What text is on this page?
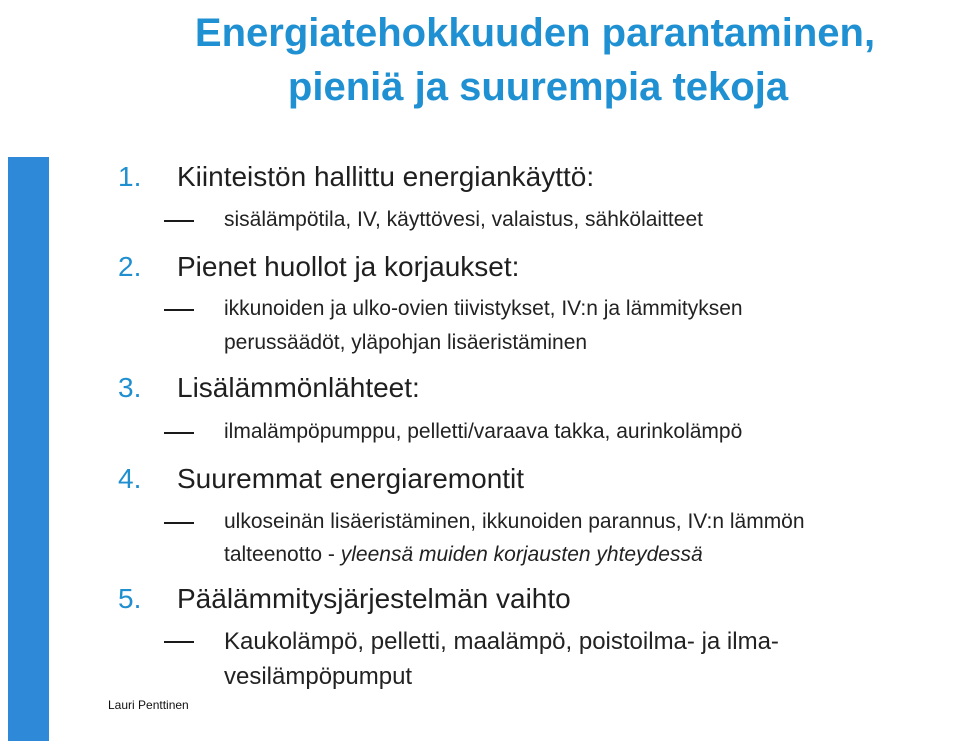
Energiatehokkuuden parantaminen,
pieniä ja suurempia tekoja
1. Kiinteistön hallittu energiankäyttö:
sisälämpötila, IV, käyttövesi, valaistus, sähkölaitteet
2. Pienet huollot ja korjaukset:
ikkunoiden ja ulko-ovien tiivistykset, IV:n ja lämmityksen
perussäädöt, yläpohjan lisäeristäminen
3. Lisälämmönlähteet:
ilmalämpöpumppu, pelletti/varaava takka, aurinkolämpö
4. Suuremmat energiaremontit
ulkoseinän lisäeristäminen, ikkunoiden parannus, IV:n lämmön
talteenotto - yleensä muiden korjausten yhteydessä
5. Päälämmitysjärjestelmän vaihto
Kaukolämpö, pelletti, maalämpö, poistoilma- ja ilma-
vesilämpöpumput
Lauri Penttinen
